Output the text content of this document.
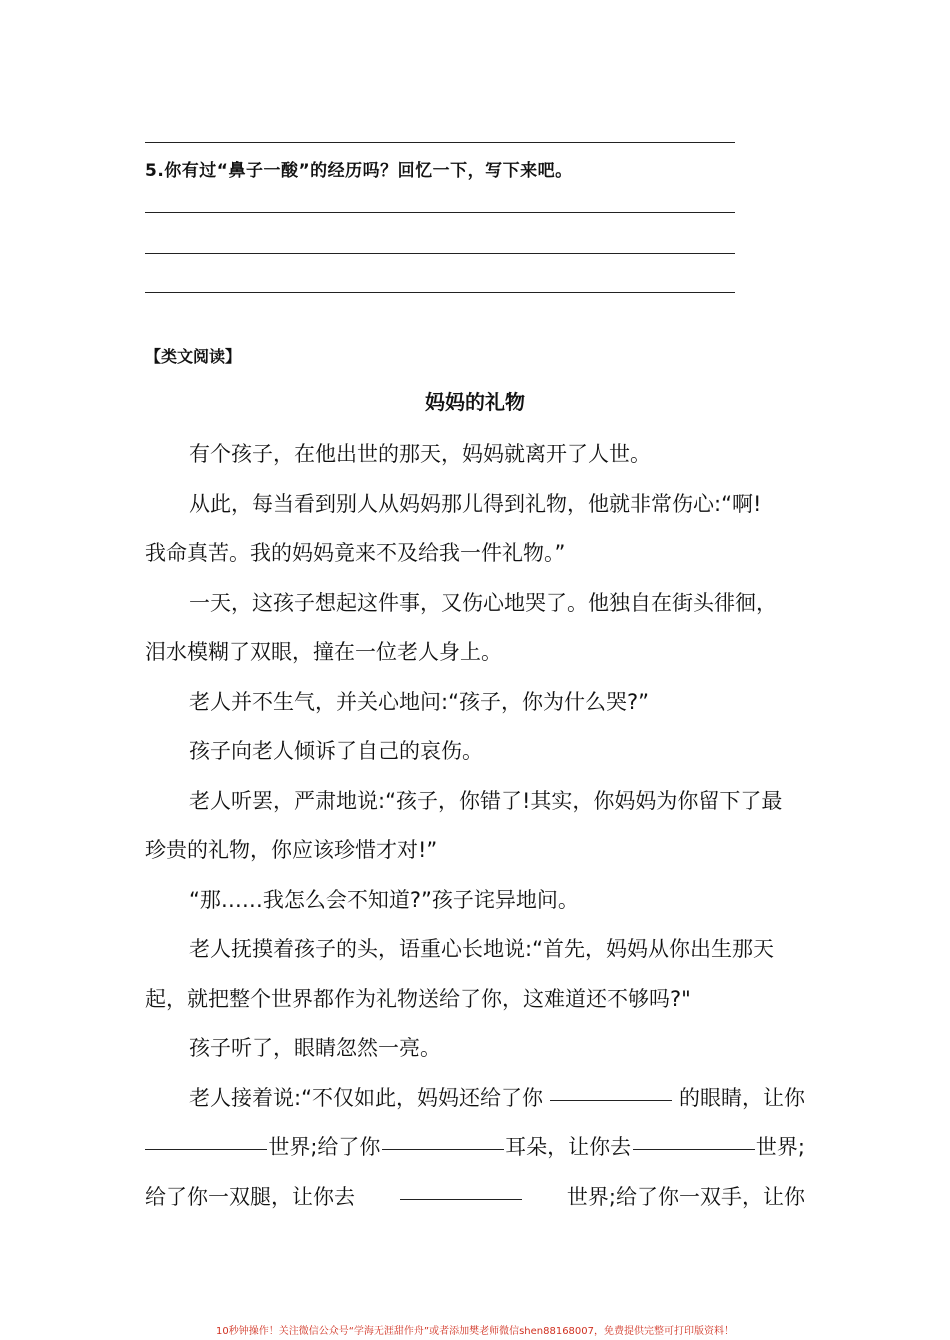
5.你有过“鼻子一酸”的经历吗？回忆一下，写下来吧。
【类文阅读】
妈妈的礼物

有个孩子，在他出世的那天，妈妈就离开了人世。

从此，每当看到别人从妈妈那儿得到礼物，他就非常伤心:“啊!

我命真苦。我的妈妈竟来不及给我一件礼物。”

一天，这孩子想起这件事，又伤心地哭了。他独自在街头徘徊，

泪水模糊了双眼，撞在一位老人身上。

老人并不生气，并关心地问:“孩子，你为什么哭?”

孩子向老人倾诉了自己的哀伤。

老人听罢，严肃地说:“孩子，你错了!其实，你妈妈为你留下了最

珍贵的礼物，你应该珍惜才对!”

“那……我怎么会不知道?”孩子诧异地问。

老人抚摸着孩子的头，语重心长地说:“首先，妈妈从你出生那天

起，就把整个世界都作为礼物送给了你，这难道还不够吗?"

孩子听了，眼睛忽然一亮。

老人接着说:“不仅如此，妈妈还给了你	的眼睛，让你

世界;给了你	耳朵，让你去	世界;

给了你一双腿，让你去	世界;给了你一双手，让你

10秒钟操作！关注微信公众号“学海无涯甜作舟”或者添加樊老师微信shen88168007，免费提供完整可打印版资料！
